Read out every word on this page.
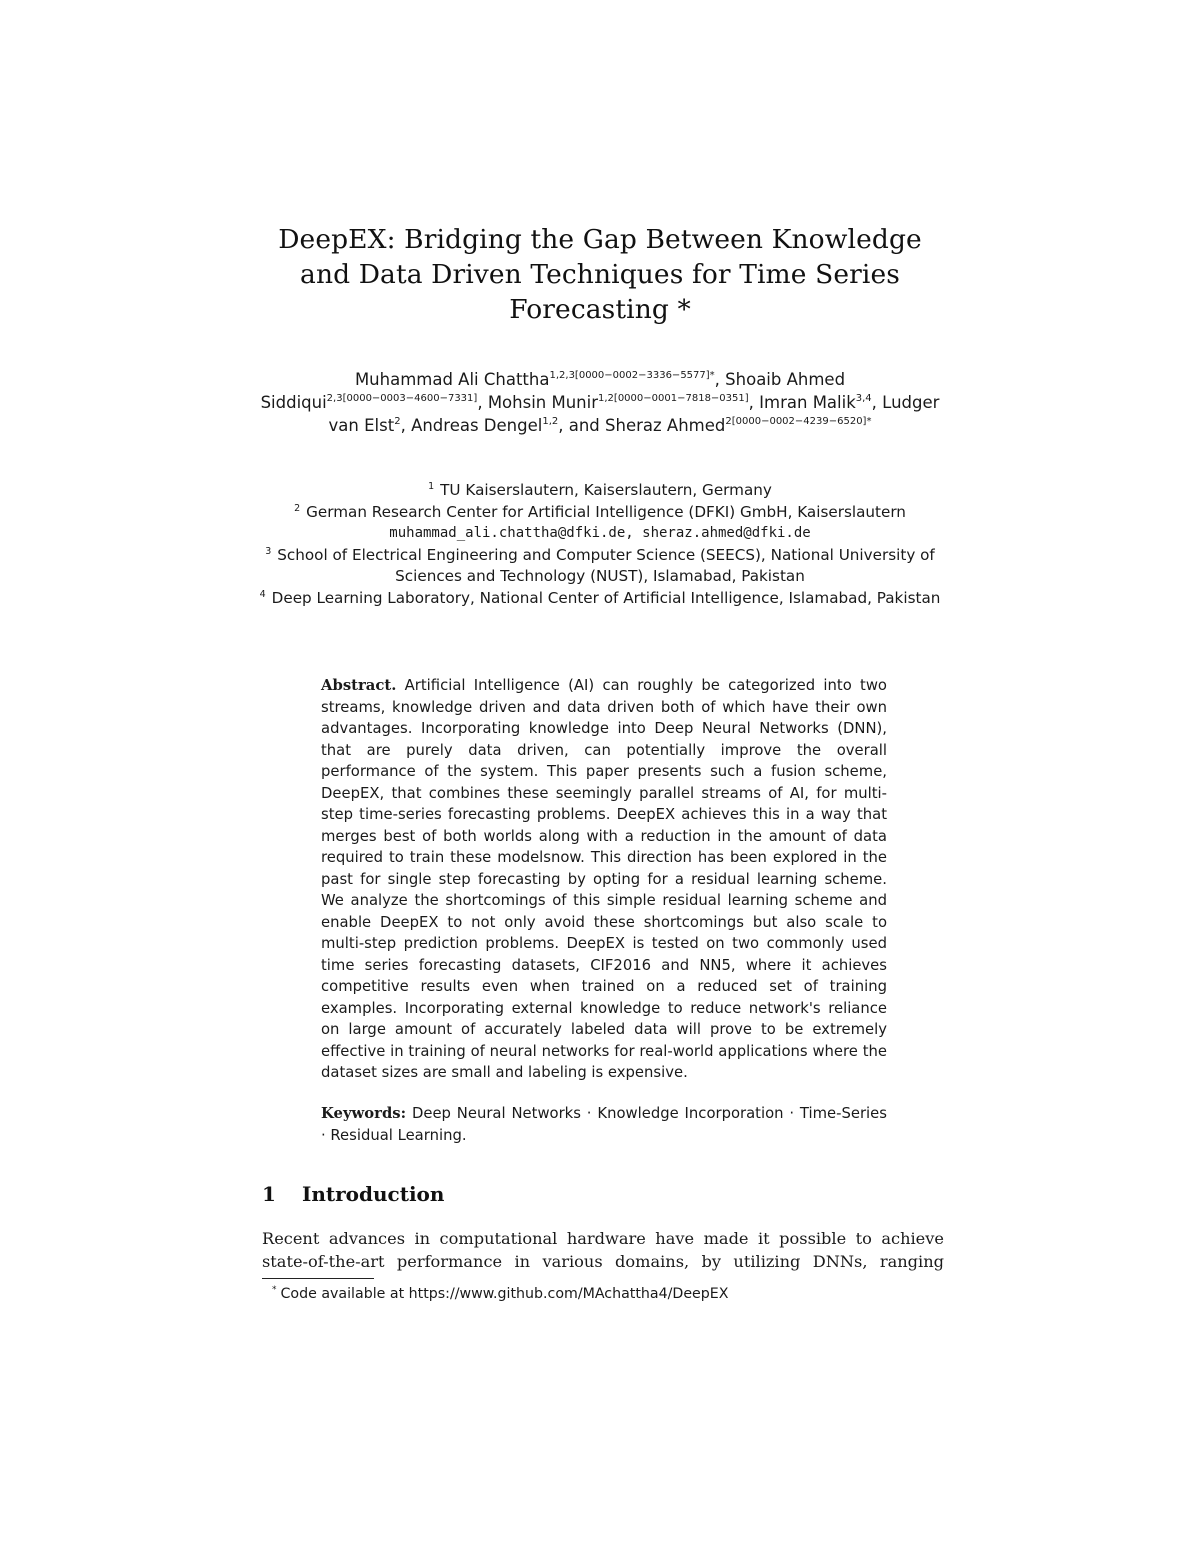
DeepEX: Bridging the Gap Between Knowledge
and Data Driven Techniques for Time Series
Forecasting *
Muhammad Ali Chattha$^{1,2,3[0000-0002-3336-5577]*}$, Shoaib Ahmed Siddiqui$^{2,3[0000-0003-4600-7331]}$, Mohsin Munir$^{1,2[0000-0001-7818-0351]}$, Imran Malik$^{3,4}$, Ludger van Elst$^2$, Andreas Dengel$^{1,2}$, and Sheraz Ahmed$^{2[0000-0002-4239-6520]*}$
$^1$ TU Kaiserslautern, Kaiserslautern, Germany
$^2$ German Research Center for Artificial Intelligence (DFKI) GmbH, Kaiserslautern
muhammad_ali.chattha@dfki.de, sheraz.ahmed@dfki.de
$^3$ School of Electrical Engineering and Computer Science (SEECS), National University of Sciences and Technology (NUST), Islamabad, Pakistan
$^4$ Deep Learning Laboratory, National Center of Artificial Intelligence, Islamabad, Pakistan
Abstract. Artificial Intelligence (AI) can roughly be categorized into two streams, knowledge driven and data driven both of which have their own advantages. Incorporating knowledge into Deep Neural Networks (DNN), that are purely data driven, can potentially improve the overall performance of the system. This paper presents such a fusion scheme, DeepEX, that combines these seemingly parallel streams of AI, for multi-step time-series forecasting problems. DeepEX achieves this in a way that merges best of both worlds along with a reduction in the amount of data required to train these modelsnow. This direction has been explored in the past for single step forecasting by opting for a residual learning scheme. We analyze the shortcomings of this simple residual learning scheme and enable DeepEX to not only avoid these shortcomings but also scale to multi-step prediction problems. DeepEX is tested on two commonly used time series forecasting datasets, CIF2016 and NN5, where it achieves competitive results even when trained on a reduced set of training examples. Incorporating external knowledge to reduce network's reliance on large amount of accurately labeled data will prove to be extremely effective in training of neural networks for real-world applications where the dataset sizes are small and labeling is expensive.
Keywords: Deep Neural Networks · Knowledge Incorporation · Time-Series · Residual Learning.
1 Introduction
Recent advances in computational hardware have made it possible to achieve state-of-the-art performance in various domains, by utilizing DNNs, ranging
* Code available at https://www.github.com/MAchattha4/DeepEX
